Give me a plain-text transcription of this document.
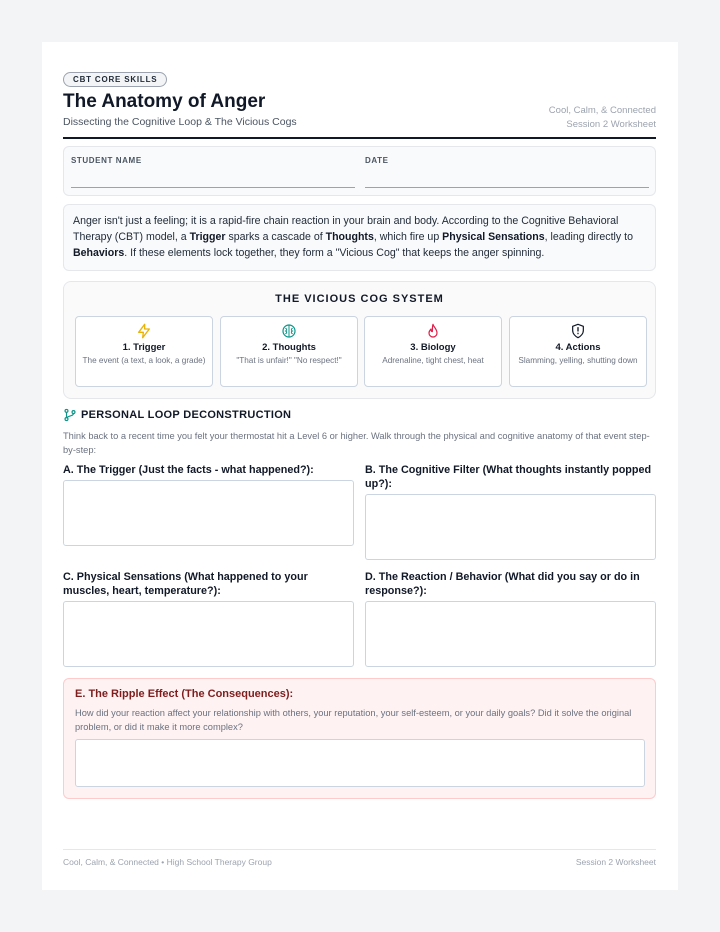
CBT CORE SKILLS
The Anatomy of Anger
Dissecting the Cognitive Loop & The Vicious Cogs
Cool, Calm, & Connected
Session 2 Worksheet
STUDENT NAME	DATE
Anger isn't just a feeling; it is a rapid-fire chain reaction in your brain and body. According to the Cognitive Behavioral Therapy (CBT) model, a Trigger sparks a cascade of Thoughts, which fire up Physical Sensations, leading directly to Behaviors. If these elements lock together, they form a "Vicious Cog" that keeps the anger spinning.
THE VICIOUS COG SYSTEM
1. Trigger
The event (a text, a look, a grade)
2. Thoughts
"That is unfair!" "No respect!"
3. Biology
Adrenaline, tight chest, heat
4. Actions
Slamming, yelling, shutting down
PERSONAL LOOP DECONSTRUCTION
Think back to a recent time you felt your thermostat hit a Level 6 or higher. Walk through the physical and cognitive anatomy of that event step-by-step:
A. The Trigger (Just the facts - what happened?):	B. The Cognitive Filter (What thoughts instantly popped up?):
C. Physical Sensations (What happened to your muscles, heart, temperature?):
D. The Reaction / Behavior (What did you say or do in response?):
E. The Ripple Effect (The Consequences):
How did your reaction affect your relationship with others, your reputation, your self-esteem, or your daily goals? Did it solve the original problem, or did it make it more complex?
Cool, Calm, & Connected • High School Therapy Group	Session 2 Worksheet
